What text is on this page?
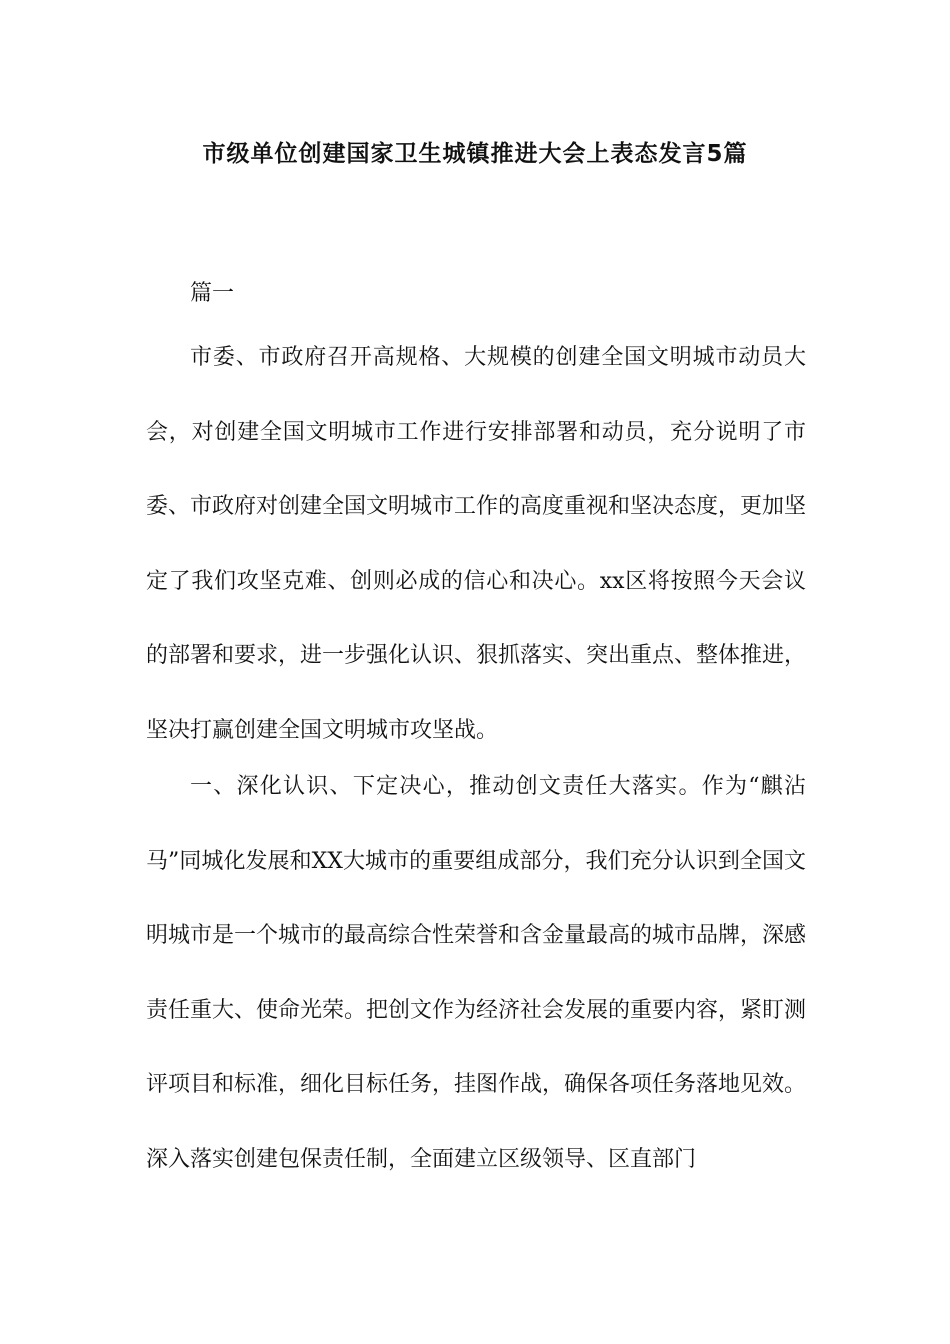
市级单位创建国家卫生城镇推进大会上表态发言5篇
篇一
市委、市政府召开高规格、大规模的创建全国文明城市动员大会，对创建全国文明城市工作进行安排部署和动员，充分说明了市委、市政府对创建全国文明城市工作的高度重视和坚决态度，更加坚定了我们攻坚克难、创则必成的信心和决心。xx区将按照今天会议的部署和要求，进一步强化认识、狠抓落实、突出重点、整体推进，坚决打赢创建全国文明城市攻坚战。
一、深化认识、下定决心，推动创文责任大落实。作为“麒沾马”同城化发展和XX大城市的重要组成部分，我们充分认识到全国文明城市是一个城市的最高综合性荣誉和含金量最高的城市品牌，深感责任重大、使命光荣。把创文作为经济社会发展的重要内容，紧盯测评项目和标准，细化目标任务，挂图作战，确保各项任务落地见效。深入落实创建包保责任制，全面建立区级领导、区直部门
